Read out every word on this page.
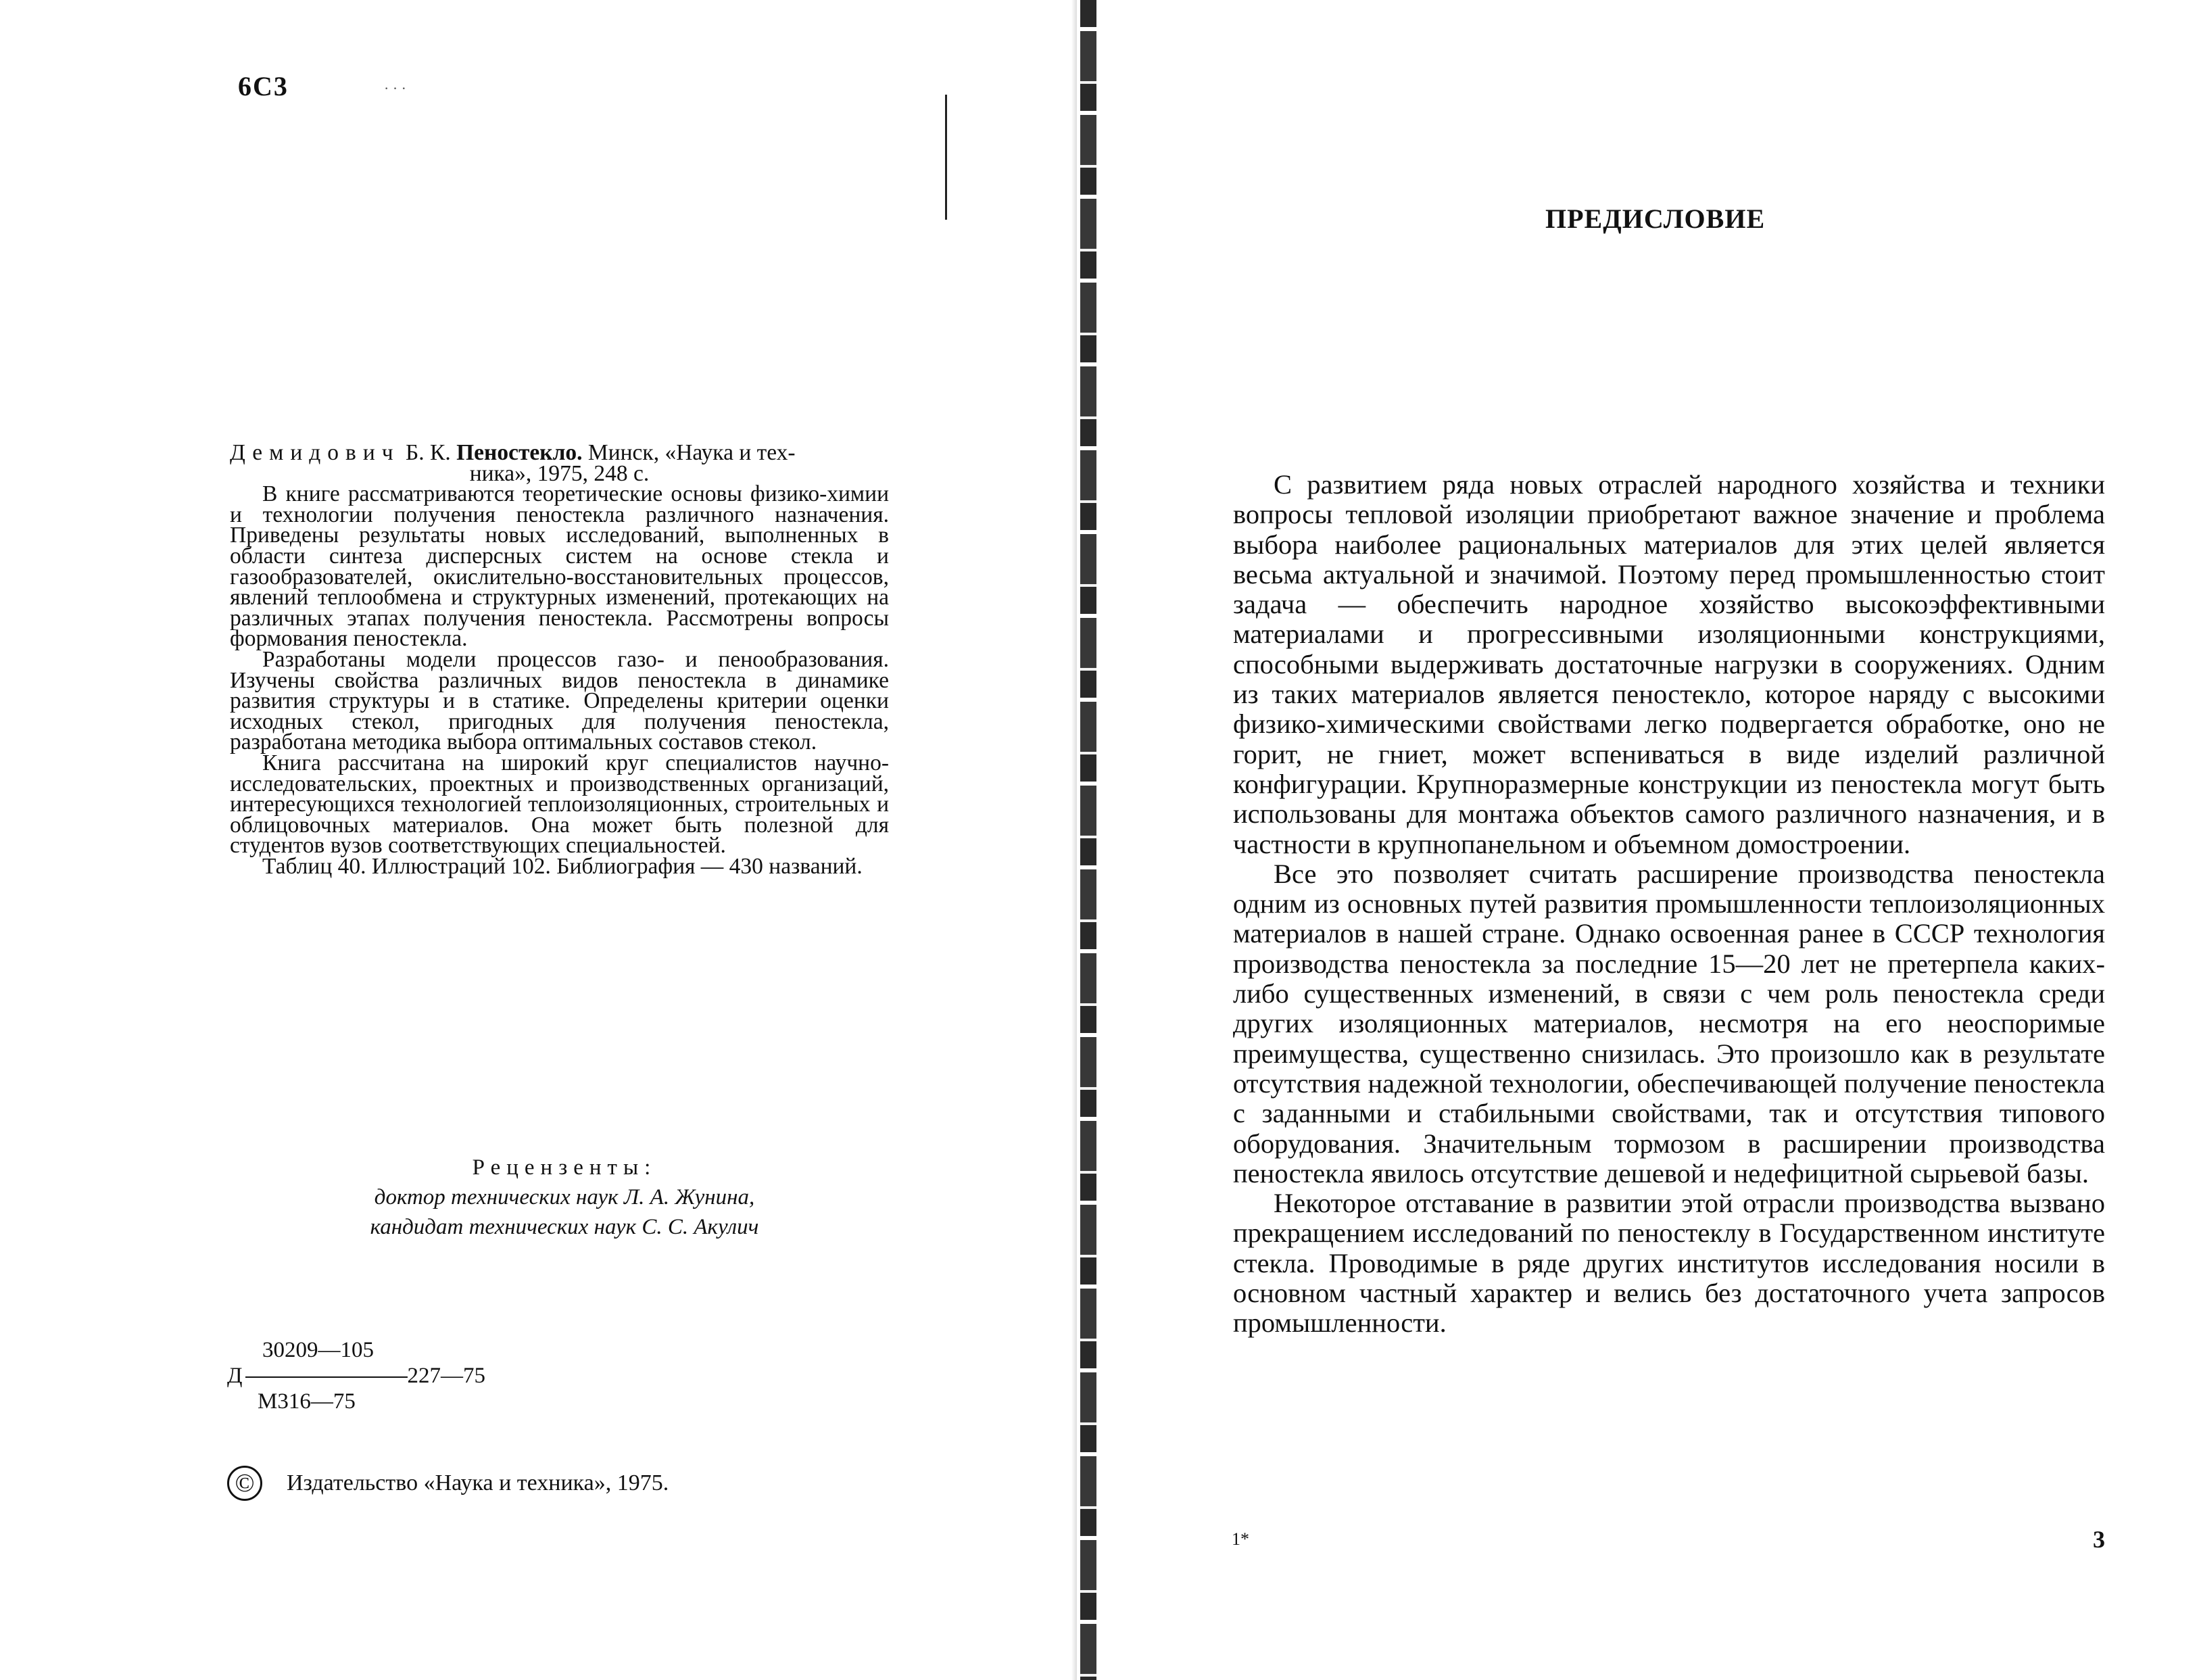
6С3	· · ·

Демидович Б. К. Пеностекло. Минск, «Наука и тех-

ника», 1975, 248 с.

В книге рассматриваются теоретические основы физико-химии и технологии получения пеностекла различного назначения. Приведены результаты новых исследований, выполненных в области синтеза дисперсных систем на основе стекла и газообразователей, окислительно-восстановительных процессов, явлений теплообмена и структурных изменений, протекающих на различных этапах получения пеностекла. Рассмотрены вопросы формования пеностекла.

Разработаны модели процессов газо- и пенообразования. Изучены свойства различных видов пеностекла в динамике развития структуры и в статике. Определены критерии оценки исходных стекол, пригодных для получения пеностекла, разработана методика выбора оптимальных составов стекол.

Книга рассчитана на широкий круг специалистов научно-исследовательских, проектных и производственных организаций, интересующихся технологией теплоизоляционных, строительных и облицовочных материалов. Она может быть полезной для студентов вузов соответствующих специальностей.

Таблиц 40. Иллюстраций 102. Библиография — 430 названий.

Рецензенты:
доктор технических наук Л. А. Жунина,
кандидат технических наук С. С. Акулич
30209—105
Д	227—75
М316—75
©	Издательство «Наука и техника», 1975.
ПРЕДИСЛОВИЕ

С развитием ряда новых отраслей народного хозяйства и техники вопросы тепловой изоляции приобретают важное значение и проблема выбора наиболее рациональных материалов для этих целей является весьма актуальной и значимой. Поэтому перед промышленностью стоит задача — обеспечить народное хозяйство высокоэффективными материалами и прогрессивными изоляционными конструкциями, способными выдерживать достаточные нагрузки в сооружениях. Одним из таких материалов является пеностекло, которое наряду с высокими физико-химическими свойствами легко подвергается обработке, оно не горит, не гниет, может вспениваться в виде изделий различной конфигурации. Крупноразмерные конструкции из пеностекла могут быть использованы для монтажа объектов самого различного назначения, и в частности в крупнопанельном и объемном домостроении.

Все это позволяет считать расширение производства пеностекла одним из основных путей развития промышленности теплоизоляционных материалов в нашей стране. Однако освоенная ранее в СССР технология производства пеностекла за последние 15—20 лет не претерпела каких-либо существенных изменений, в связи с чем роль пеностекла среди других изоляционных материалов, несмотря на его неоспоримые преимущества, существенно снизилась. Это произошло как в результате отсутствия надежной технологии, обеспечивающей получение пеностекла с заданными и стабильными свойствами, так и отсутствия типового оборудования. Значительным тормозом в расширении производства пеностекла явилось отсутствие дешевой и недефицитной сырьевой базы.

Некоторое отставание в развитии этой отрасли производства вызвано прекращением исследований по пеностеклу в Государственном институте стекла. Проводимые в ряде других институтов исследования носили в основном частный характер и велись без достаточного учета запросов промышленности.

1*	3
